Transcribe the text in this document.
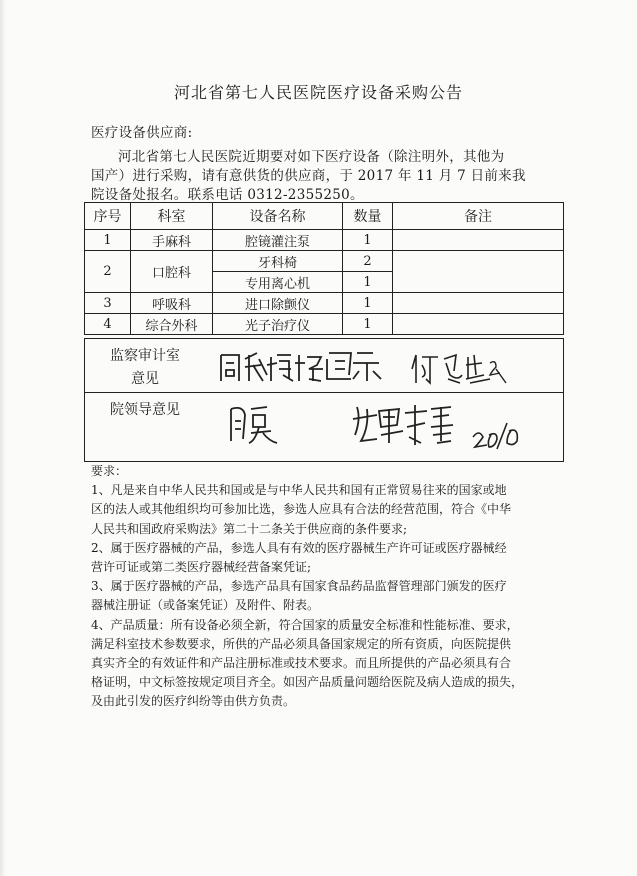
河北省第七人民医院医疗设备采购公告
医疗设备供应商:
河北省第七人民医院近期要对如下医疗设备（除注明外，其他为
国产）进行采购，请有意供货的供应商，于 2017 年 11 月 7 日前来我
院设备处报名。联系电话 0312-2355250。
序号	科室	设备名称	数量	备注
1	手麻科	腔镜灌注泵	1	
2	口腔科	牙科椅	2	
		专用离心机	1	
3	呼吸科	进口除颤仪	1	
4	综合外科	光子治疗仪	1	
监察审计室
意见
院领导意见
要求：
1、凡是来自中华人民共和国或是与中华人民共和国有正常贸易往来的国家或地
区的法人或其他组织均可参加比选，参选人应具有合法的经营范围，符合《中华
人民共和国政府采购法》第二十二条关于供应商的条件要求;
2、属于医疗器械的产品，参选人具有有效的医疗器械生产许可证或医疗器械经
营许可证或第二类医疗器械经营备案凭证;
3、属于医疗器械的产品，参选产品具有国家食品药品监督管理部门颁发的医疗
器械注册证（或备案凭证）及附件、附表。
4、产品质量：所有设备必须全新，符合国家的质量安全标准和性能标准、要求，
满足科室技术参数要求，所供的产品必须具备国家规定的所有资质，向医院提供
真实齐全的有效证件和产品注册标准或技术要求。而且所提供的产品必须具有合
格证明，中文标签按规定项目齐全。如因产品质量问题给医院及病人造成的损失，
及由此引发的医疗纠纷等由供方负责。
